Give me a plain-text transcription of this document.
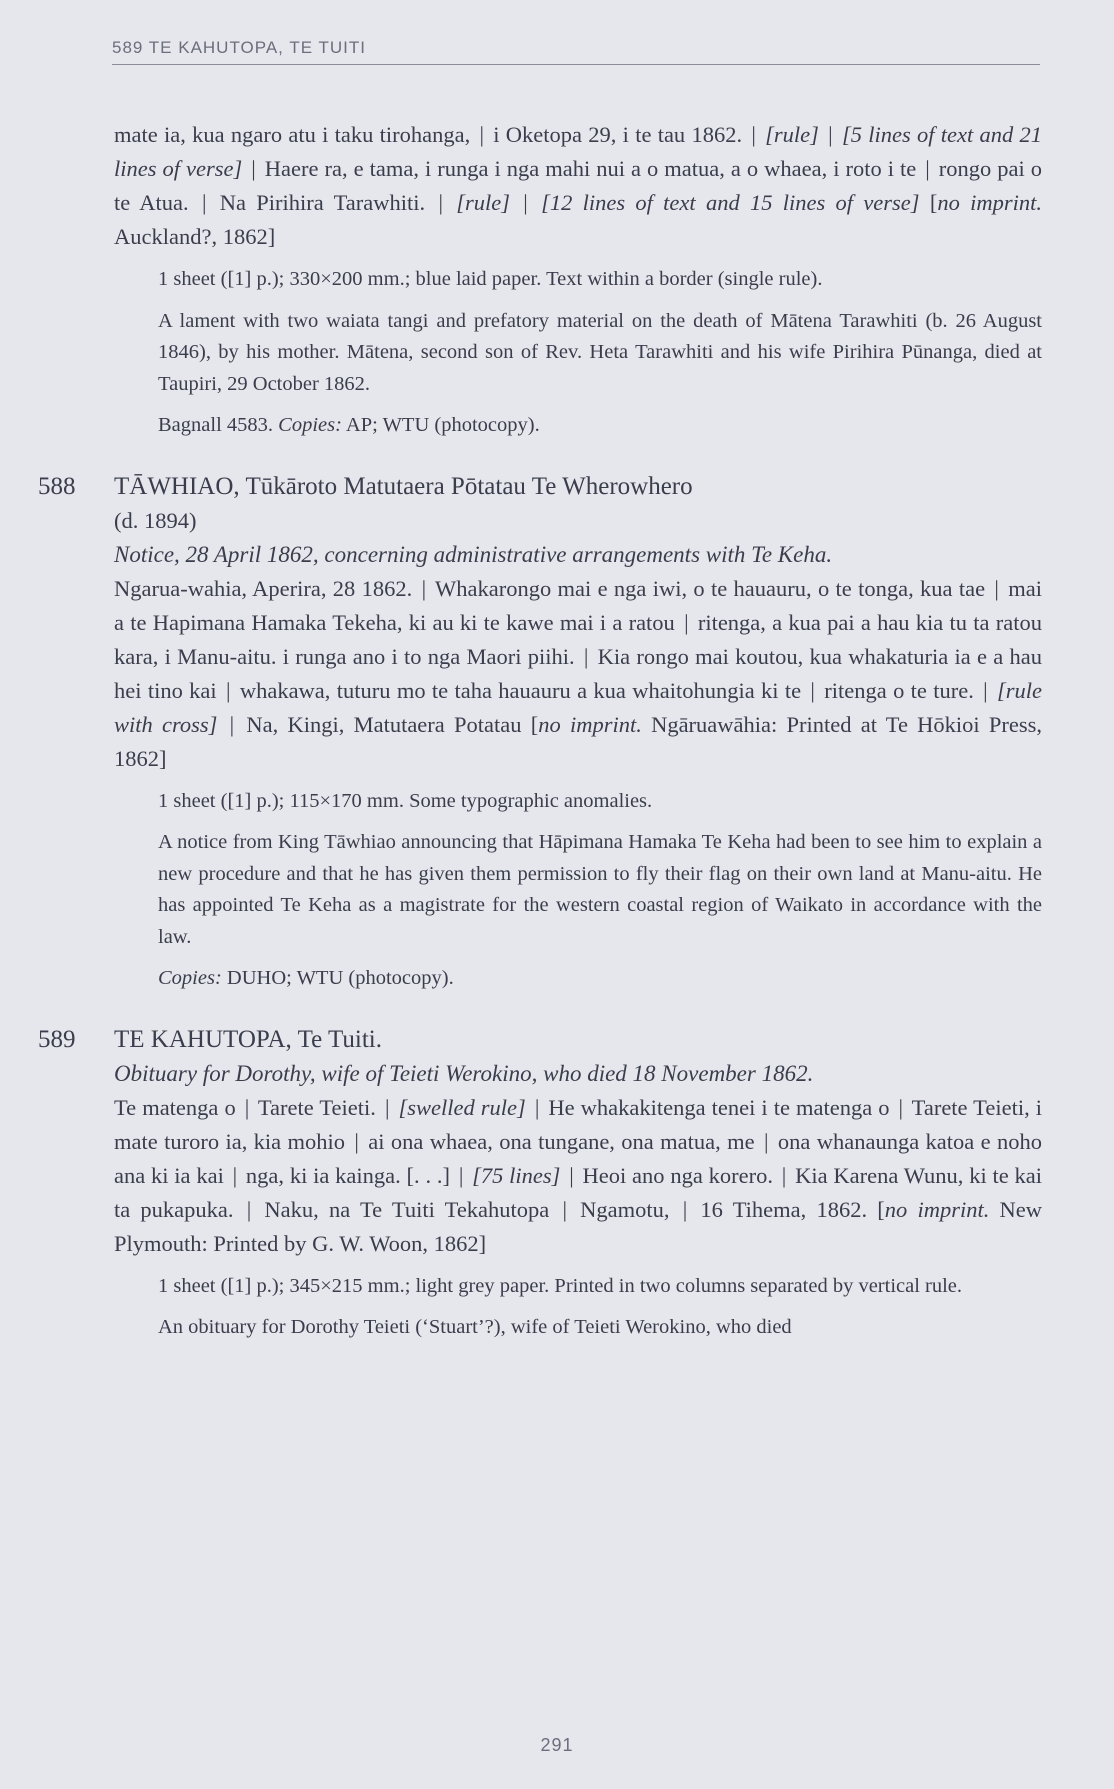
589 TE KAHUTOPA, TE TUITI
mate ia, kua ngaro atu i taku tirohanga, | i Oketopa 29, i te tau 1862. | [rule] | [5 lines of text and 21 lines of verse] | Haere ra, e tama, i runga i nga mahi nui a o matua, a o whaea, i roto i te | rongo pai o te Atua. | Na Pirihira Tarawhiti. | [rule] | [12 lines of text and 15 lines of verse] [no imprint. Auckland?, 1862]
1 sheet ([1] p.); 330×200 mm.; blue laid paper. Text within a border (single rule).
A lament with two waiata tangi and prefatory material on the death of Mātena Tarawhiti (b. 26 August 1846), by his mother. Mātena, second son of Rev. Heta Tarawhiti and his wife Pirihira Pūnanga, died at Taupiri, 29 October 1862.
Bagnall 4583. Copies: AP; WTU (photocopy).
588	TĀWHIAO, Tūkāroto Matutaera Pōtatau Te Wherowhero
(d. 1894)
Notice, 28 April 1862, concerning administrative arrangements with Te Keha.
Ngarua-wahia, Aperira, 28 1862. | Whakarongo mai e nga iwi, o te hauauru, o te tonga, kua tae | mai a te Hapimana Hamaka Tekeha, ki au ki te kawe mai i a ratou | ritenga, a kua pai a hau kia tu ta ratou kara, i Manu-aitu. i runga ano i to nga Maori piihi. | Kia rongo mai koutou, kua whakaturia ia e a hau hei tino kai | whakawa, tuturu mo te taha hauauru a kua whaitohungia ki te | ritenga o te ture. | [rule with cross] | Na, Kingi, Matutaera Potatau [no imprint. Ngāruawāhia: Printed at Te Hōkioi Press, 1862]
1 sheet ([1] p.); 115×170 mm. Some typographic anomalies.
A notice from King Tāwhiao announcing that Hāpimana Hamaka Te Keha had been to see him to explain a new procedure and that he has given them permission to fly their flag on their own land at Manu-aitu. He has appointed Te Keha as a magistrate for the western coastal region of Waikato in accordance with the law.
Copies: DUHO; WTU (photocopy).
589	TE KAHUTOPA, Te Tuiti.
Obituary for Dorothy, wife of Teieti Werokino, who died 18 November 1862.
Te matenga o | Tarete Teieti. | [swelled rule] | He whakakitenga tenei i te matenga o | Tarete Teieti, i mate turoro ia, kia mohio | ai ona whaea, ona tungane, ona matua, me | ona whanaunga katoa e noho ana ki ia kai | nga, ki ia kainga. [. . .] | [75 lines] | Heoi ano nga korero. | Kia Karena Wunu, ki te kai ta pukapuka. | Naku, na Te Tuiti Tekahutopa | Ngamotu, | 16 Tihema, 1862. [no imprint. New Plymouth: Printed by G. W. Woon, 1862]
1 sheet ([1] p.); 345×215 mm.; light grey paper. Printed in two columns separated by vertical rule.
An obituary for Dorothy Teieti (‘Stuart’?), wife of Teieti Werokino, who died
291
